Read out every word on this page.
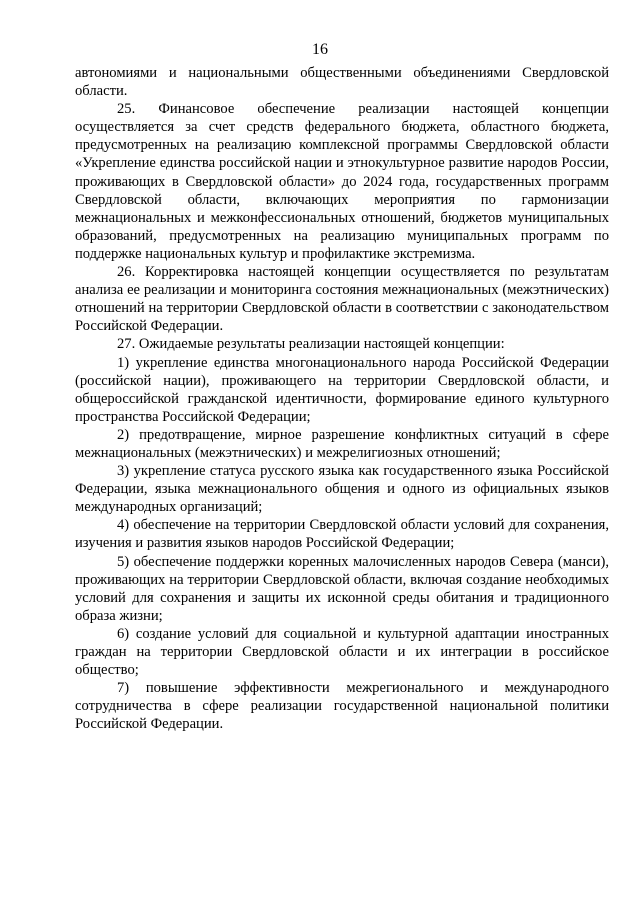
16

автономиями и национальными общественными объединениями Свердловской области.

25. Финансовое обеспечение реализации настоящей концепции осуществляется за счет средств федерального бюджета, областного бюджета, предусмотренных на реализацию комплексной программы Свердловской области «Укрепление единства российской нации и этнокультурное развитие народов России, проживающих в Свердловской области» до 2024 года, государственных программ Свердловской области, включающих мероприятия по гармонизации межнациональных и межконфессиональных отношений, бюджетов муниципальных образований, предусмотренных на реализацию муниципальных программ по поддержке национальных культур и профилактике экстремизма.

26. Корректировка настоящей концепции осуществляется по результатам анализа ее реализации и мониторинга состояния межнациональных (межэтнических) отношений на территории Свердловской области в соответствии с законодательством Российской Федерации.

27. Ожидаемые результаты реализации настоящей концепции:

1) укрепление единства многонационального народа Российской Федерации (российской нации), проживающего на территории Свердловской области, и общероссийской гражданской идентичности, формирование единого культурного пространства Российской Федерации;

2) предотвращение, мирное разрешение конфликтных ситуаций в сфере межнациональных (межэтнических) и межрелигиозных отношений;

3) укрепление статуса русского языка как государственного языка Российской Федерации, языка межнационального общения и одного из официальных языков международных организаций;

4) обеспечение на территории Свердловской области условий для сохранения, изучения и развития языков народов Российской Федерации;

5) обеспечение поддержки коренных малочисленных народов Севера (манси), проживающих на территории Свердловской области, включая создание необходимых условий для сохранения и защиты их исконной среды обитания и традиционного образа жизни;

6) создание условий для социальной и культурной адаптации иностранных граждан на территории Свердловской области и их интеграции в российское общество;

7) повышение эффективности межрегионального и международного сотрудничества в сфере реализации государственной национальной политики Российской Федерации.
